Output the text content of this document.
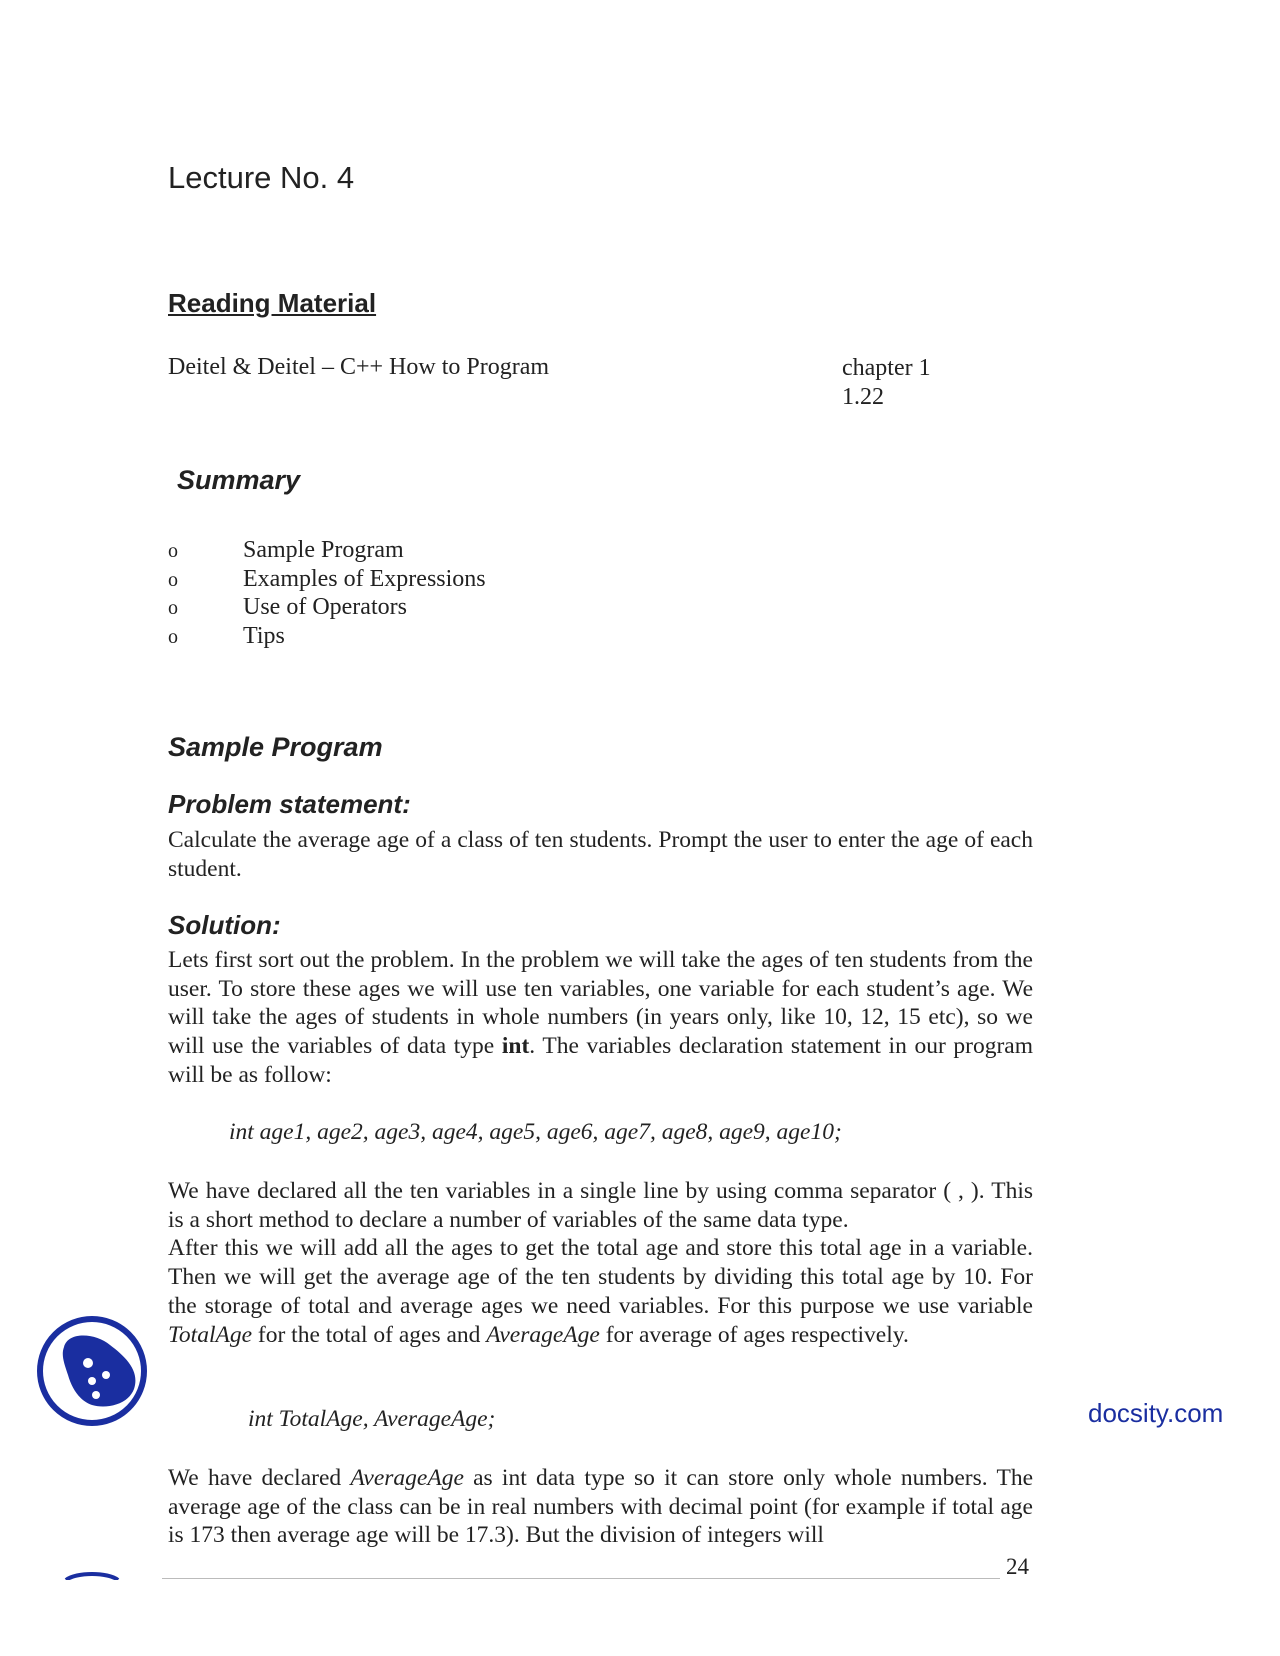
Lecture No. 4
Reading Material
Deitel & Deitel – C++ How to Program	chapter 1
1.22
Summary
o	Sample Program
o	Examples of Expressions
o	Use of Operators
o	Tips
Sample Program
Problem statement:

Calculate the average age of a class of ten students. Prompt the user to enter the age of each student.

Solution:

Lets first sort out the problem. In the problem we will take the ages of ten students from the user. To store these ages we will use ten variables, one variable for each student’s age. We will take the ages of students in whole numbers (in years only, like 10, 12, 15 etc), so we will use the variables of data type int. The variables declaration statement in our program will be as follow:

int age1, age2, age3, age4, age5, age6, age7, age8, age9, age10;
We have declared all the ten variables in a single line by using comma separator ( , ). This is a short method to declare a number of variables of the same data type.
After this we will add all the ages to get the total age and store this total age in a variable. Then we will get the average age of the ten students by dividing this total age by 10. For the storage of total and average ages we need variables. For this purpose we use variable TotalAge for the total of ages and AverageAge for average of ages respectively.
int TotalAge, AverageAge;

We have declared AverageAge as int data type so it can store only whole numbers. The average age of the class can be in real numbers with decimal point (for example if total age is 173 then average age will be 17.3). But the division of integers will

24
docsity.com
